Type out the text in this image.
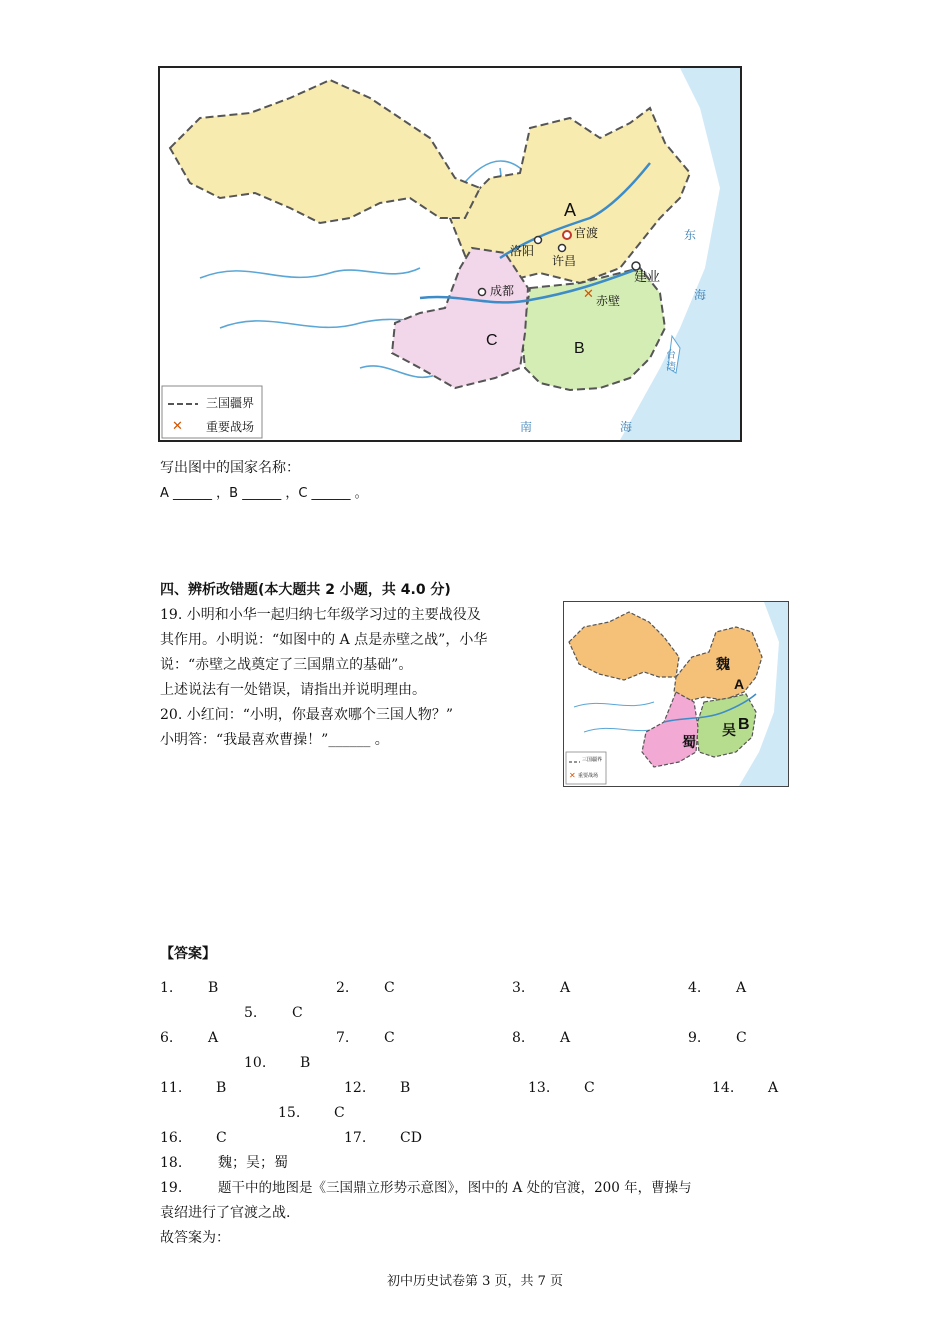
✕
✕
A
B
C
官渡
洛阳
许昌
成都
建业
赤壁
东
海
南	海
台湾
三国疆界
重要战场
写出图中的国家名称：
A ______ ，B ______ ，C ______ 。
四、辨析改错题(本大题共 2 小题，共 4.0 分)
19. 小明和小华一起归纳七年级学习过的主要战役及
其作用。小明说：“如图中的 A 点是赤壁之战”，小华
说：“赤壁之战奠定了三国鼎立的基础”。
上述说法有一处错误，请指出并说明理由。
20. 小红问：“小明，你最喜欢哪个三国人物？”
小明答：“我最喜欢曹操！”______ 。
✕
魏
A
吴 B
蜀
三国疆界
重要战场
【答案】
1. B	2. C	3. A	4. A
5. C
6. A	7. C	8. A	9. C
10. B
11. B	12. B	13. C	14. A
15. C
16. C	17. CD
18.	魏；吴；蜀
19.	题干中的地图是《三国鼎立形势示意图》，图中的 A 处的官渡，200 年，曹操与
袁绍进行了官渡之战.
故答案为：
初中历史试卷第 3 页，共 7 页
